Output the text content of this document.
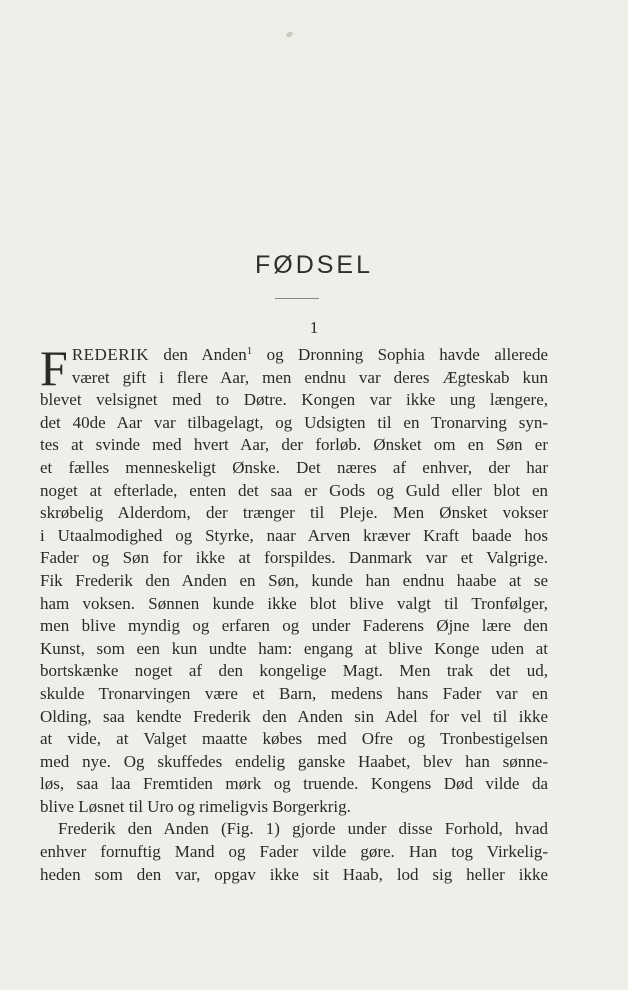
FØDSEL
1
F REDERIK den Anden$^1$ og Dronning Sophia havde allerede
været gift i flere Aar, men endnu var deres Ægteskab kun
blevet velsignet med to Døtre. Kongen var ikke ung længere,
det 40de Aar var tilbagelagt, og Udsigten til en Tronarving syn-
tes at svinde med hvert Aar, der forløb. Ønsket om en Søn er
et fælles menneskeligt Ønske. Det næres af enhver, der har
noget at efterlade, enten det saa er Gods og Guld eller blot en
skrøbelig Alderdom, der trænger til Pleje. Men Ønsket vokser
i Utaalmodighed og Styrke, naar Arven kræver Kraft baade hos
Fader og Søn for ikke at forspildes. Danmark var et Valgrige.
Fik Frederik den Anden en Søn, kunde han endnu haabe at se
ham voksen. Sønnen kunde ikke blot blive valgt til Tronfølger,
men blive myndig og erfaren og under Faderens Øjne lære den
Kunst, som een kun undte ham: engang at blive Konge uden at
bortskænke noget af den kongelige Magt. Men trak det ud,
skulde Tronarvingen være et Barn, medens hans Fader var en
Olding, saa kendte Frederik den Anden sin Adel for vel til ikke
at vide, at Valget maatte købes med Ofre og Tronbestigelsen
med nye. Og skuffedes endelig ganske Haabet, blev han sønne-
løs, saa laa Fremtiden mørk og truende. Kongens Død vilde da
blive Løsnet til Uro og rimeligvis Borgerkrig.
Frederik den Anden (Fig. 1) gjorde under disse Forhold, hvad
enhver fornuftig Mand og Fader vilde gøre. Han tog Virkelig-
heden som den var, opgav ikke sit Haab, lod sig heller ikke
